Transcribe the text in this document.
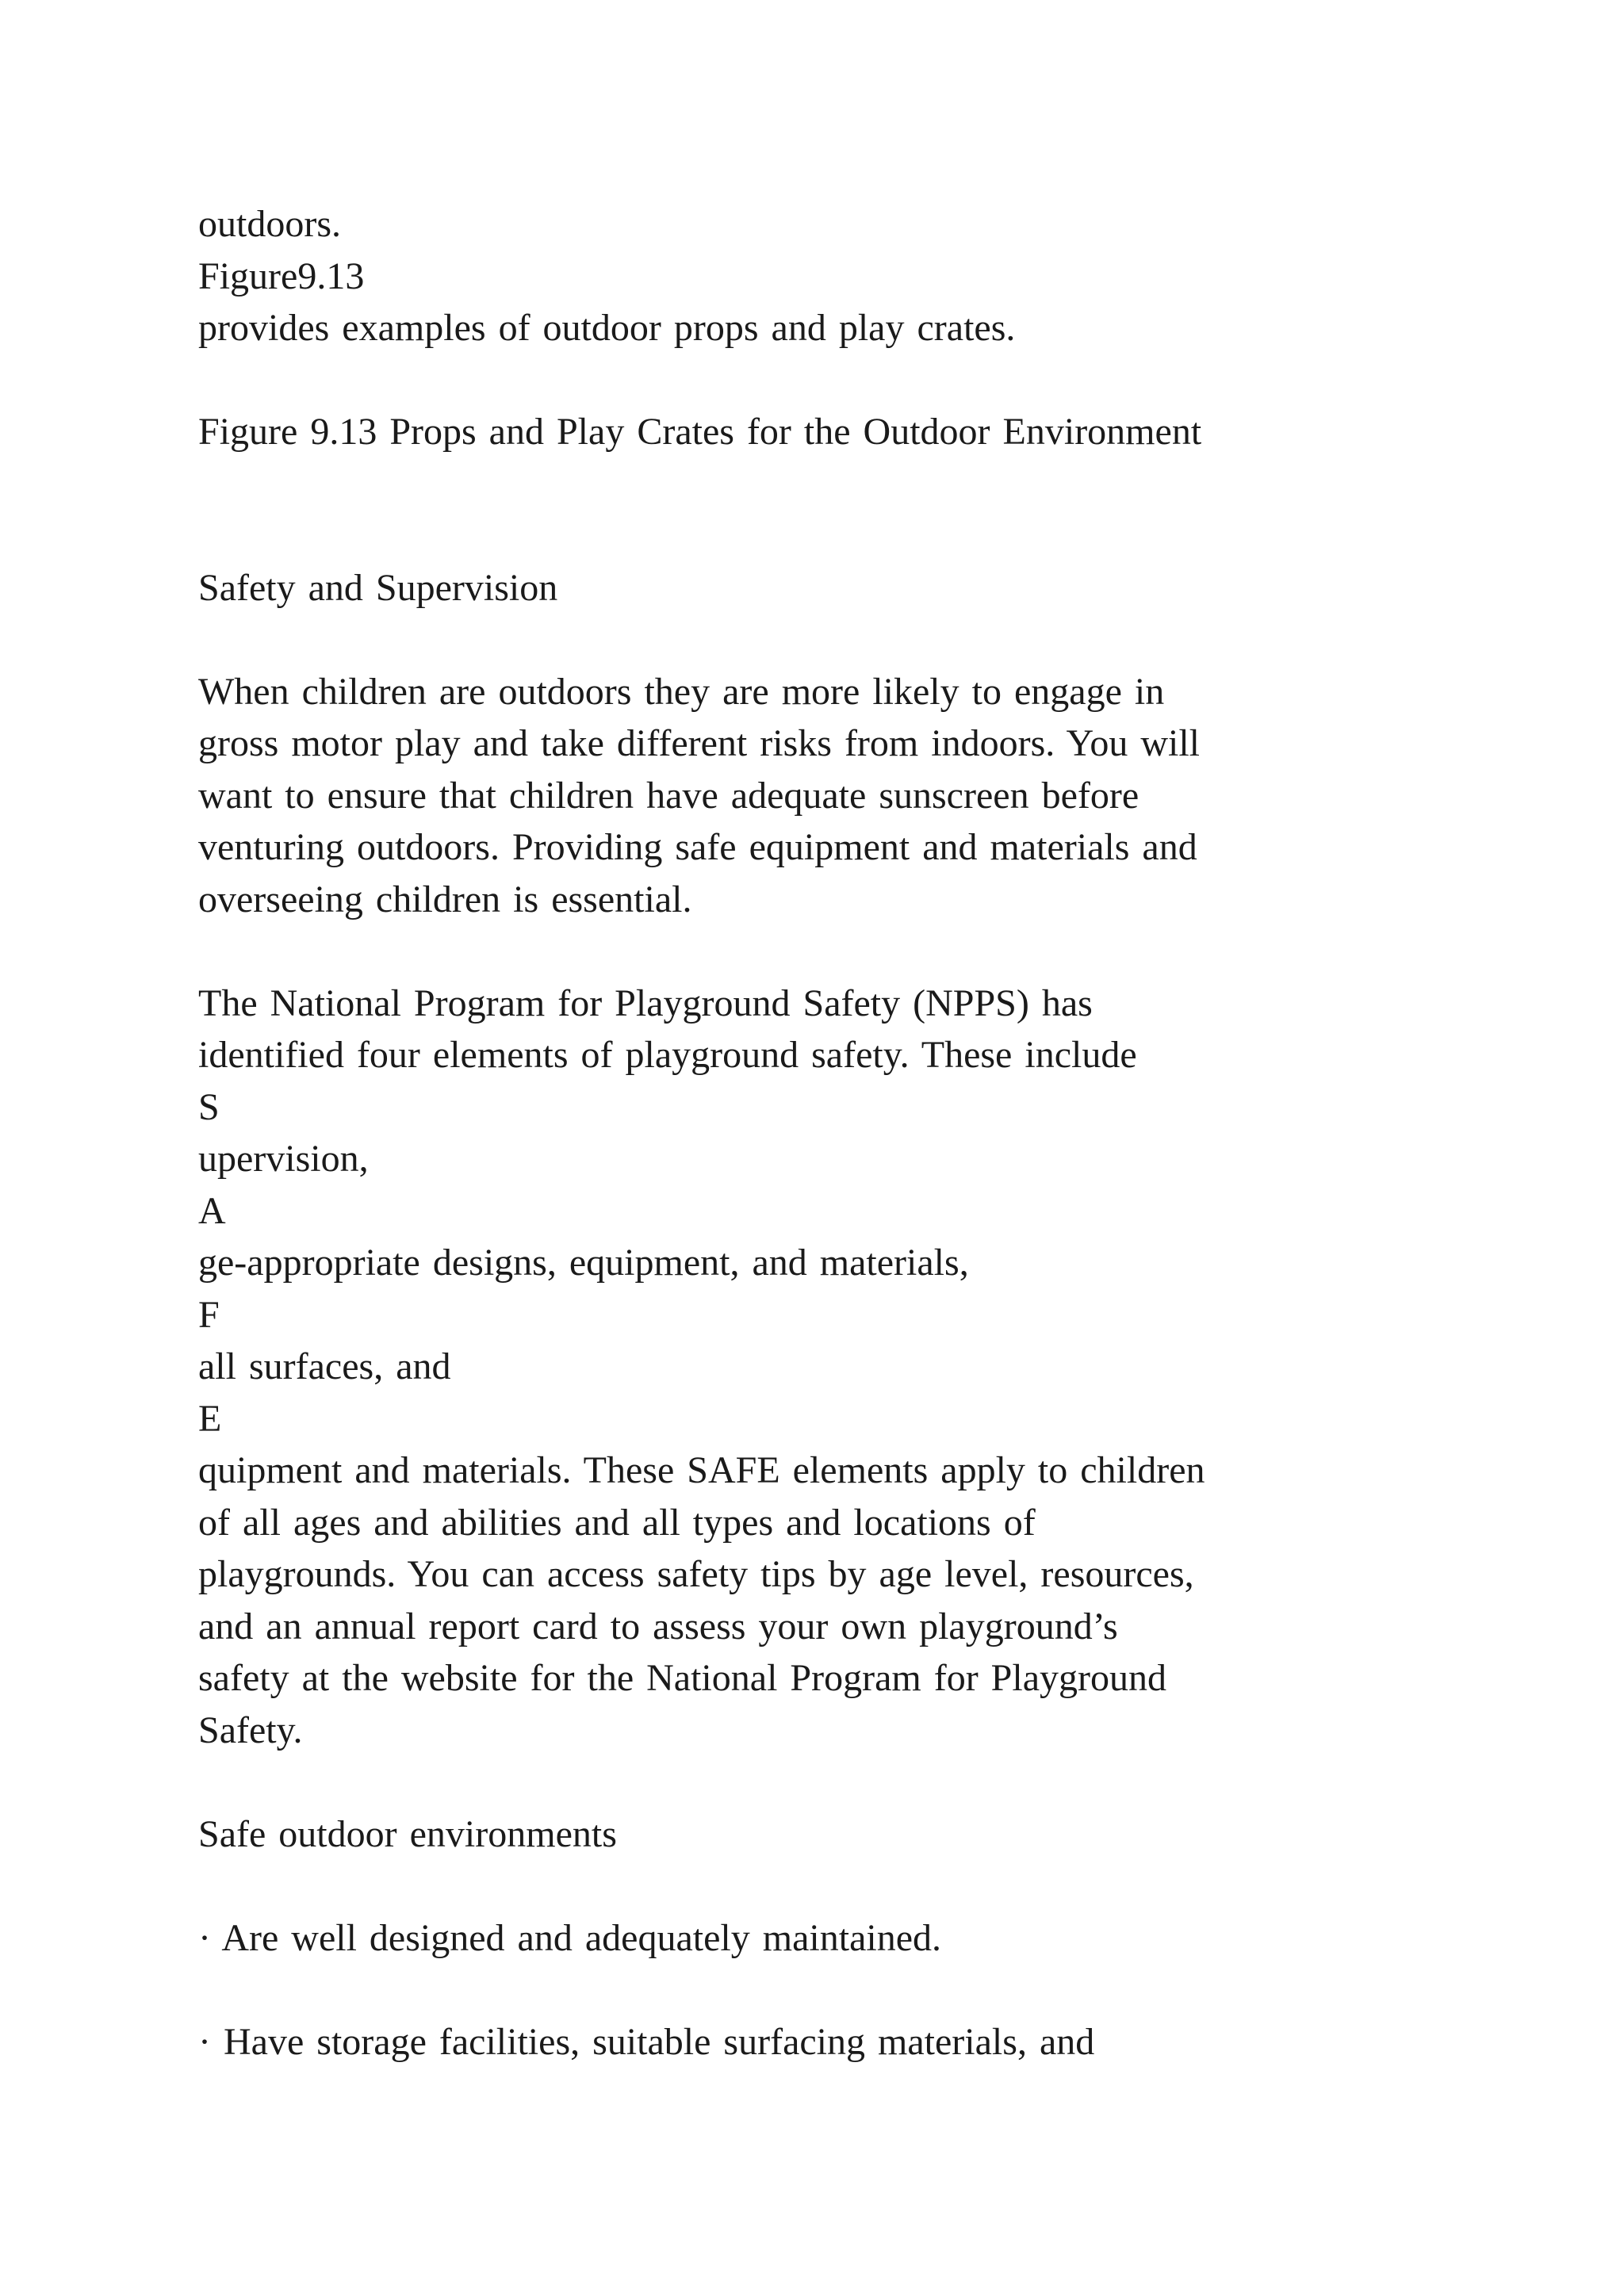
outdoors.
Figure9.13
provides examples of outdoor props and play crates.
Figure 9.13 Props and Play Crates for the Outdoor Environment
Safety and Supervision
When children are outdoors they are more likely to engage in
gross motor play and take different risks from indoors. You will
want to ensure that children have adequate sunscreen before
venturing outdoors. Providing safe equipment and materials and
overseeing children is essential.
The National Program for Playground Safety (NPPS) has
identified four elements of playground safety. These include
S
upervision,
A
ge-appropriate designs, equipment, and materials,
F
all surfaces, and
E
quipment and materials. These SAFE elements apply to children
of all ages and abilities and all types and locations of
playgrounds. You can access safety tips by age level, resources,
and an annual report card to assess your own playground’s
safety at the website for the National Program for Playground
Safety.
Safe outdoor environments
· Are well designed and adequately maintained.
· Have storage facilities, suitable surfacing materials, and
